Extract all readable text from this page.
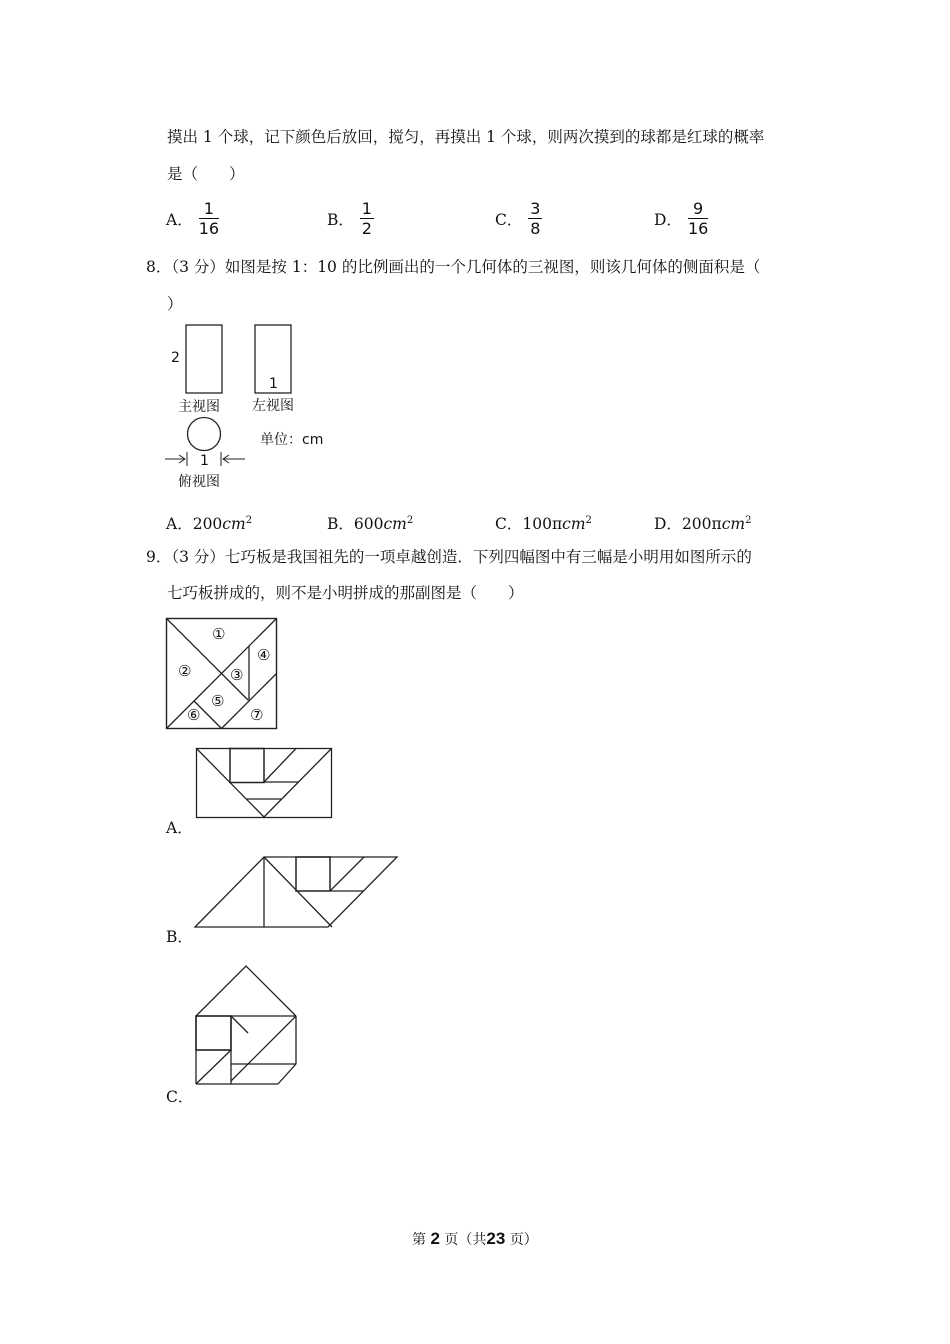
摸出 1 个球，记下颜色后放回，搅匀，再摸出 1 个球，则两次摸到的球都是红球的概率
是（　　）
A． $\frac{1}{16}$	B． $\frac{1}{2}$	C． $\frac{3}{8}$	D． $\frac{9}{16}$
8．（3 分）如图是按 1：10 的比例画出的一个几何体的三视图，则该几何体的侧面积是（
）
2
1
主视图 左视图
单位：cm
1
俯视图
A．$200cm^2$	B．$600cm^2$	C．100πcm$^2$	D．200πcm$^2$
9．（3 分）七巧板是我国祖先的一项卓越创造．下列四幅图中有三幅是小明用如图所示的
七巧板拼成的，则不是小明拼成的那副图是（　　）
①
②	③
④
⑤
⑥	⑦
A．
B．
C．
第 2 页（共23 页）
